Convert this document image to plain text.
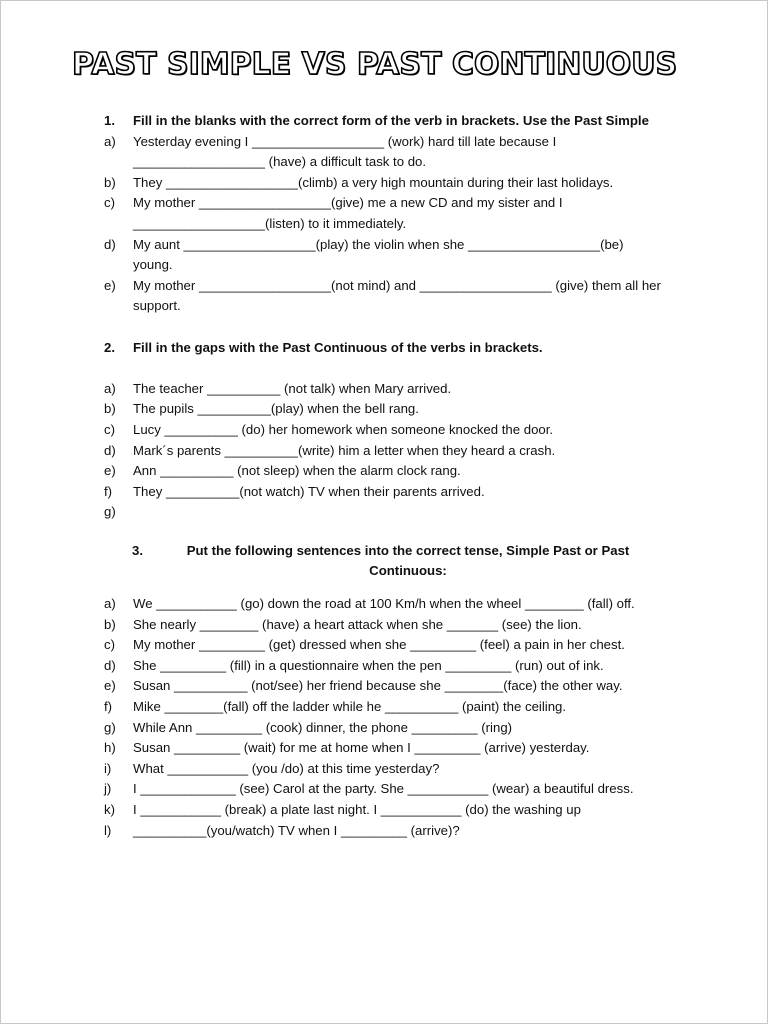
PAST SIMPLE VS PAST CONTINUOUS
1.	Fill in the blanks with the correct form of the verb in brackets. Use the Past Simple
a)	Yesterday evening I __________________ (work) hard till late because I __________________ (have) a difficult task to do.
b)	They __________________(climb) a very high mountain during their last holidays.
c)	My mother __________________(give) me a new CD and my sister and I __________________(listen) to it immediately.
d)	My aunt __________________(play) the violin when she __________________(be) young.
e)	My mother __________________(not mind) and __________________ (give) them all her support.
2.	Fill in the gaps with the Past Continuous of the verbs in brackets.
a)	The teacher __________ (not talk) when Mary arrived.
b)	The pupils __________(play) when the bell rang.
c)	Lucy __________ (do) her homework when someone knocked the door.
d)	Mark´s parents __________(write) him a letter when they heard a crash.
e)	Ann __________ (not sleep) when the alarm clock rang.
f)	They __________(not watch) TV when their parents arrived.
g)
3.	Put the following sentences into the correct tense, Simple Past or Past Continuous:
a)	We ___________ (go) down the road at 100 Km/h when the wheel ________ (fall) off.
b)	She nearly ________ (have) a heart attack when she _______ (see) the lion.
c)	My mother _________ (get) dressed when she _________ (feel) a pain in her chest.
d)	She _________ (fill) in a questionnaire when the pen _________ (run) out of ink.
e)	Susan __________ (not/see) her friend because she ________(face) the other way.
f)	Mike ________(fall) off the ladder while he __________ (paint) the ceiling.
g)	While Ann _________ (cook) dinner, the phone _________ (ring)
h)	Susan _________ (wait) for me at home when I _________ (arrive) yesterday.
i)	What ___________ (you /do) at this time yesterday?
j)	I _____________ (see) Carol at the party. She ___________ (wear) a beautiful dress.
k)	I ___________ (break) a plate last night. I ___________ (do) the washing up
l)	__________(you/watch) TV when I _________ (arrive)?
